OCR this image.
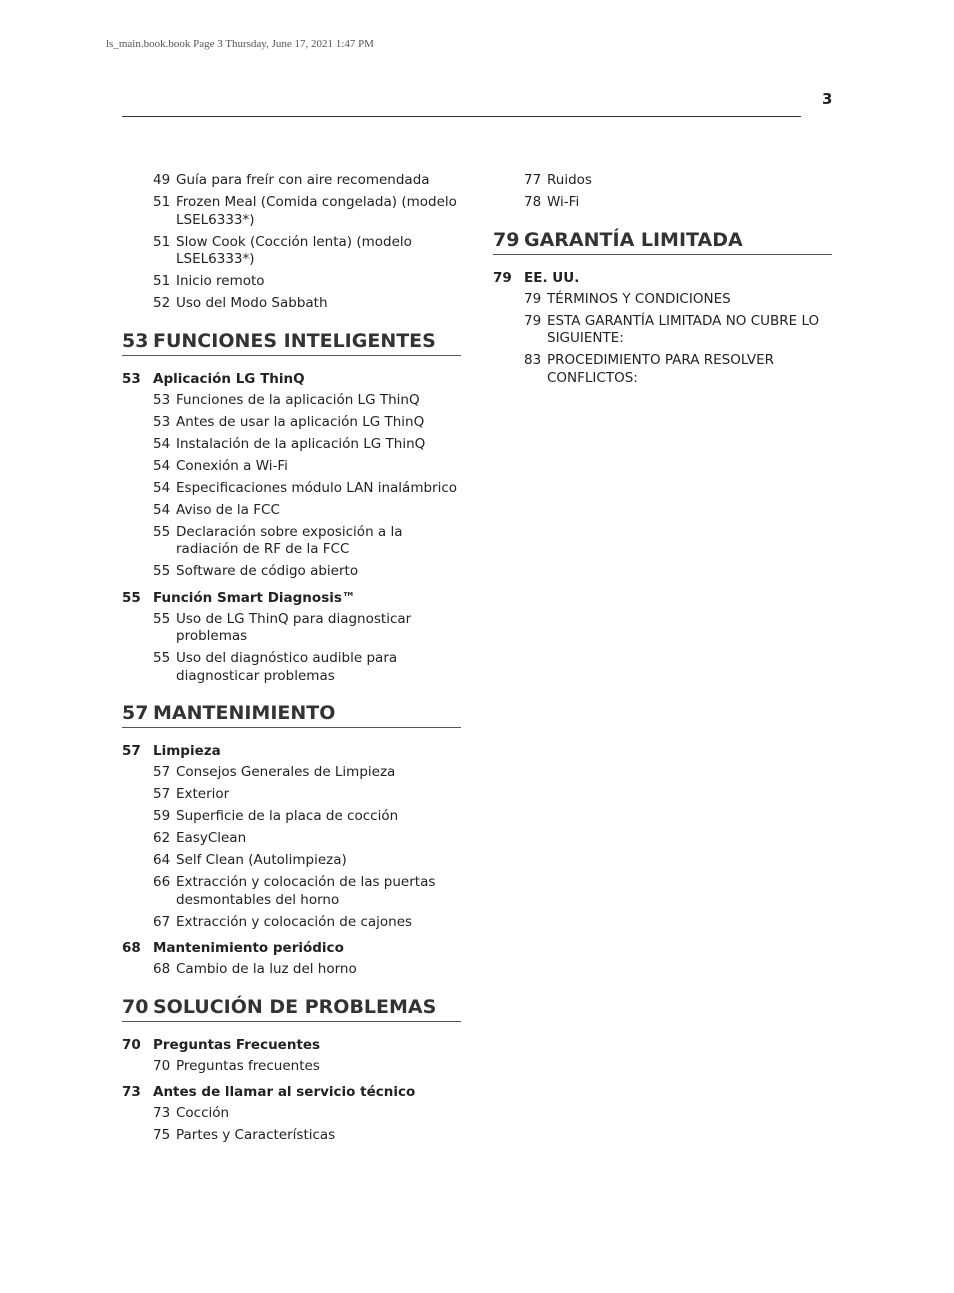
ls_main.book.book Page 3 Thursday, June 17, 2021 1:47 PM
3
49 Guía para freír con aire recomendada
51 Frozen Meal (Comida congelada) (modelo LSEL6333*)
51 Slow Cook (Cocción lenta) (modelo LSEL6333*)
51 Inicio remoto
52 Uso del Modo Sabbath
53 FUNCIONES INTELIGENTES
53 Aplicación LG ThinQ
53 Funciones de la aplicación LG ThinQ
53 Antes de usar la aplicación LG ThinQ
54 Instalación de la aplicación LG ThinQ
54 Conexión a Wi-Fi
54 Especificaciones módulo LAN inalámbrico
54 Aviso de la FCC
55 Declaración sobre exposición a la radiación de RF de la FCC
55 Software de código abierto
55 Función Smart Diagnosis™
55 Uso de LG ThinQ para diagnosticar problemas
55 Uso del diagnóstico audible para diagnosticar problemas
57 MANTENIMIENTO
57 Limpieza
57 Consejos Generales de Limpieza
57 Exterior
59 Superficie de la placa de cocción
62 EasyClean
64 Self Clean (Autolimpieza)
66 Extracción y colocación de las puertas desmontables del horno
67 Extracción y colocación de cajones
68 Mantenimiento periódico
68 Cambio de la luz del horno
70 SOLUCIÓN DE PROBLEMAS
70 Preguntas Frecuentes
70 Preguntas frecuentes
73 Antes de llamar al servicio técnico
73 Cocción
75 Partes y Características
77 Ruidos
78 Wi-Fi
79 GARANTÍA LIMITADA
79 EE. UU.
79 TÉRMINOS Y CONDICIONES
79 ESTA GARANTÍA LIMITADA NO CUBRE LO SIGUIENTE:
83 PROCEDIMIENTO PARA RESOLVER CONFLICTOS:
